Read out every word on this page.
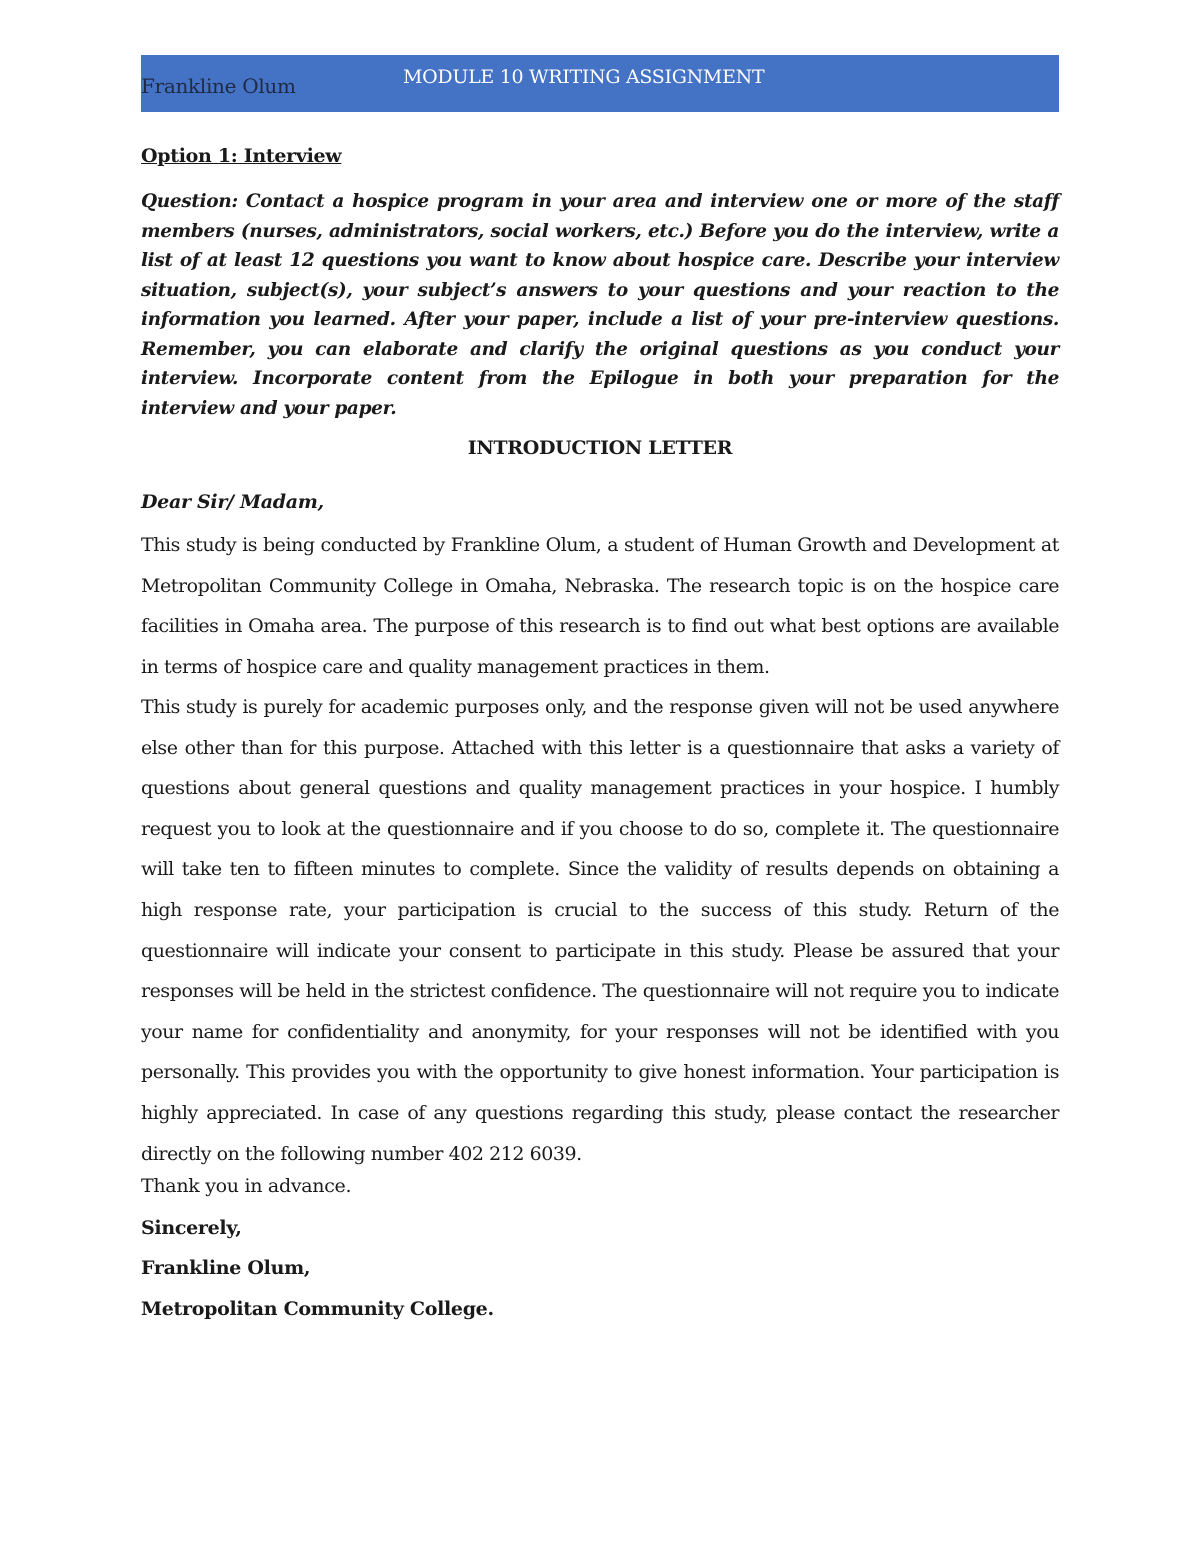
Frankline Olum	MODULE 10 WRITING ASSIGNMENT
Option 1: Interview

Question: Contact a hospice program in your area and interview one or more of the staff members (nurses, administrators, social workers, etc.) Before you do the interview, write a list of at least 12 questions you want to know about hospice care. Describe your interview situation, subject(s), your subject’s answers to your questions and your reaction to the information you learned. After your paper, include a list of your pre-interview questions. Remember, you can elaborate and clarify the original questions as you conduct your interview. Incorporate content from the Epilogue in both your preparation for the interview and your paper.

INTRODUCTION LETTER
Dear Sir/ Madam,

This study is being conducted by Frankline Olum, a student of Human Growth and Development at Metropolitan Community College in Omaha, Nebraska. The research topic is on the hospice care facilities in Omaha area. The purpose of this research is to find out what best options are available in terms of hospice care and quality management practices in them.

This study is purely for academic purposes only, and the response given will not be used anywhere else other than for this purpose. Attached with this letter is a questionnaire that asks a variety of questions about general questions and quality management practices in your hospice. I humbly request you to look at the questionnaire and if you choose to do so, complete it. The questionnaire will take ten to fifteen minutes to complete. Since the validity of results depends on obtaining a high response rate, your participation is crucial to the success of this study. Return of the questionnaire will indicate your consent to participate in this study. Please be assured that your responses will be held in the strictest confidence. The questionnaire will not require you to indicate your name for confidentiality and anonymity, for your responses will not be identified with you personally. This provides you with the opportunity to give honest information. Your participation is highly appreciated. In case of any questions regarding this study, please contact the researcher directly on the following number 402 212 6039.

Thank you in advance.
Sincerely,
Frankline Olum,
Metropolitan Community College.
